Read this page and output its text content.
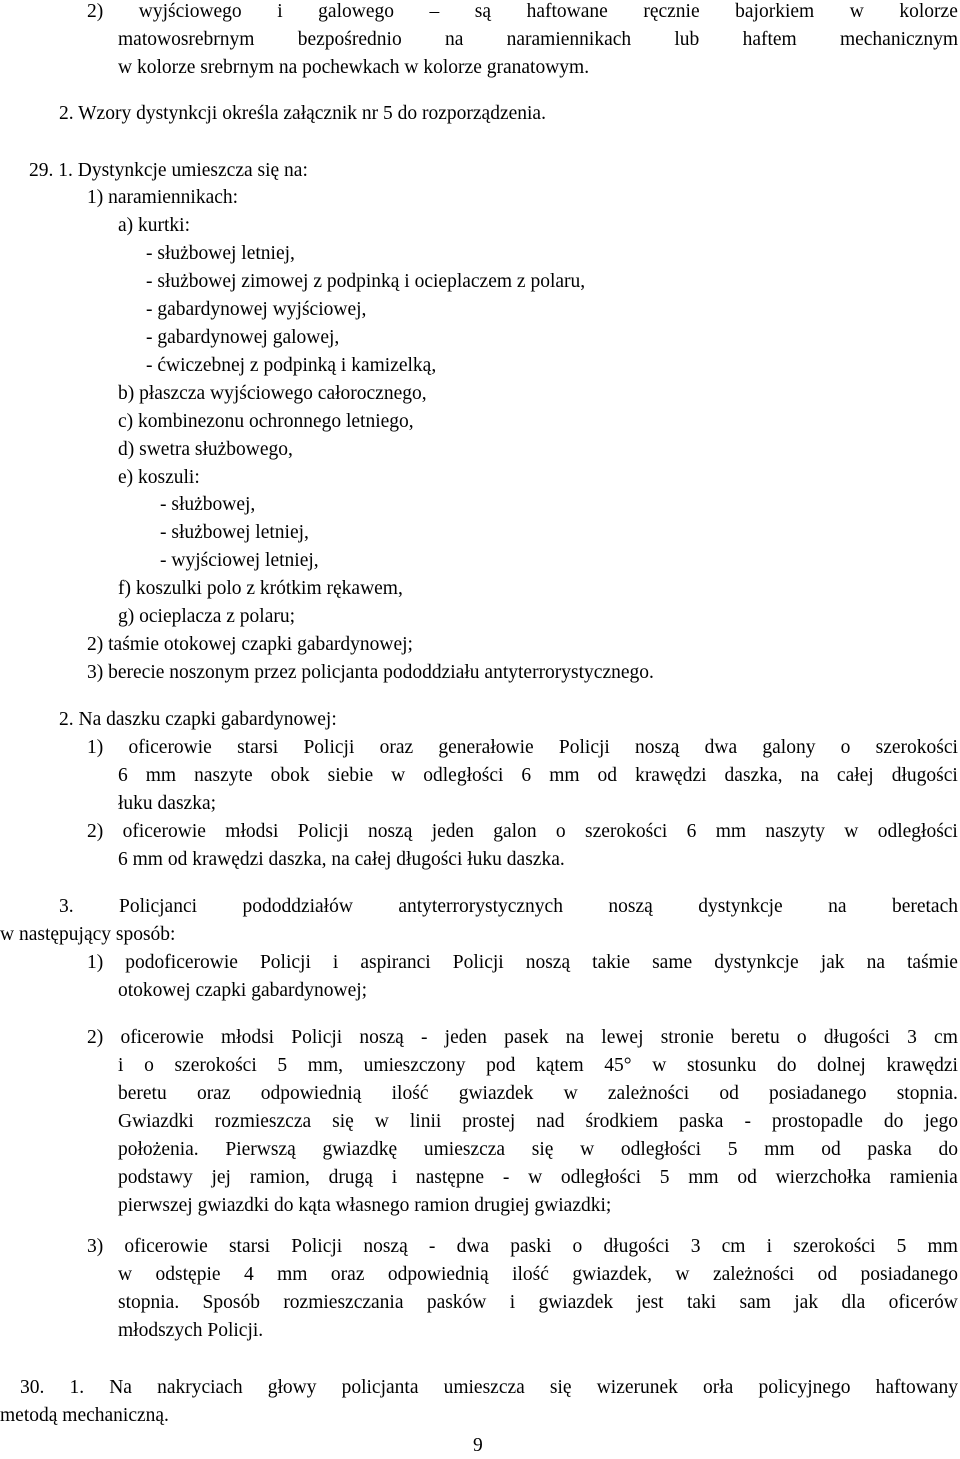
2) wyjściowego i galowego – są haftowane ręcznie bajorkiem w kolorze
matowosrebrnym bezpośrednio na naramiennikach lub haftem mechanicznym
w kolorze srebrnym na pochewkach w kolorze granatowym.
2. Wzory dystynkcji określa załącznik nr 5 do rozporządzenia.
29. 1. Dystynkcje umieszcza się na:
1) naramiennikach:
a) kurtki:
- służbowej letniej,
- służbowej zimowej z podpinką i ocieplaczem z polaru,
- gabardynowej wyjściowej,
- gabardynowej galowej,
- ćwiczebnej z podpinką i kamizelką,
b) płaszcza wyjściowego całorocznego,
c) kombinezonu ochronnego letniego,
d) swetra służbowego,
e) koszuli:
- służbowej,
- służbowej letniej,
- wyjściowej letniej,
f) koszulki polo z krótkim rękawem,
g) ocieplacza z polaru;
2) taśmie otokowej czapki gabardynowej;
3) berecie noszonym przez policjanta pododdziału antyterrorystycznego.
2. Na daszku czapki gabardynowej:
1) oficerowie starsi Policji oraz generałowie Policji noszą dwa galony o szerokości
6 mm naszyte obok siebie w odległości 6 mm od krawędzi daszka, na całej długości
łuku daszka;
2) oficerowie młodsi Policji noszą jeden galon o szerokości 6 mm naszyty w odległości
6 mm od krawędzi daszka, na całej długości łuku daszka.
3. Policjanci pododdziałów antyterrorystycznych noszą dystynkcje na beretach
w następujący sposób:
1) podoficerowie Policji i aspiranci Policji noszą takie same dystynkcje jak na taśmie
otokowej czapki gabardynowej;
2) oficerowie młodsi Policji noszą - jeden pasek na lewej stronie beretu o długości 3 cm
i o szerokości 5 mm, umieszczony pod kątem 45° w stosunku do dolnej krawędzi
beretu oraz odpowiednią ilość gwiazdek w zależności od posiadanego stopnia.
Gwiazdki rozmieszcza się w linii prostej nad środkiem paska - prostopadle do jego
położenia. Pierwszą gwiazdkę umieszcza się w odległości 5 mm od paska do
podstawy jej ramion, drugą i następne - w odległości 5 mm od wierzchołka ramienia
pierwszej gwiazdki do kąta własnego ramion drugiej gwiazdki;
3) oficerowie starsi Policji noszą - dwa paski o długości 3 cm i szerokości 5 mm
w odstępie 4 mm oraz odpowiednią ilość gwiazdek, w zależności od posiadanego
stopnia. Sposób rozmieszczania pasków i gwiazdek jest taki sam jak dla oficerów
młodszych Policji.
30. 1. Na nakryciach głowy policjanta umieszcza się wizerunek orła policyjnego haftowany
metodą mechaniczną.
9
